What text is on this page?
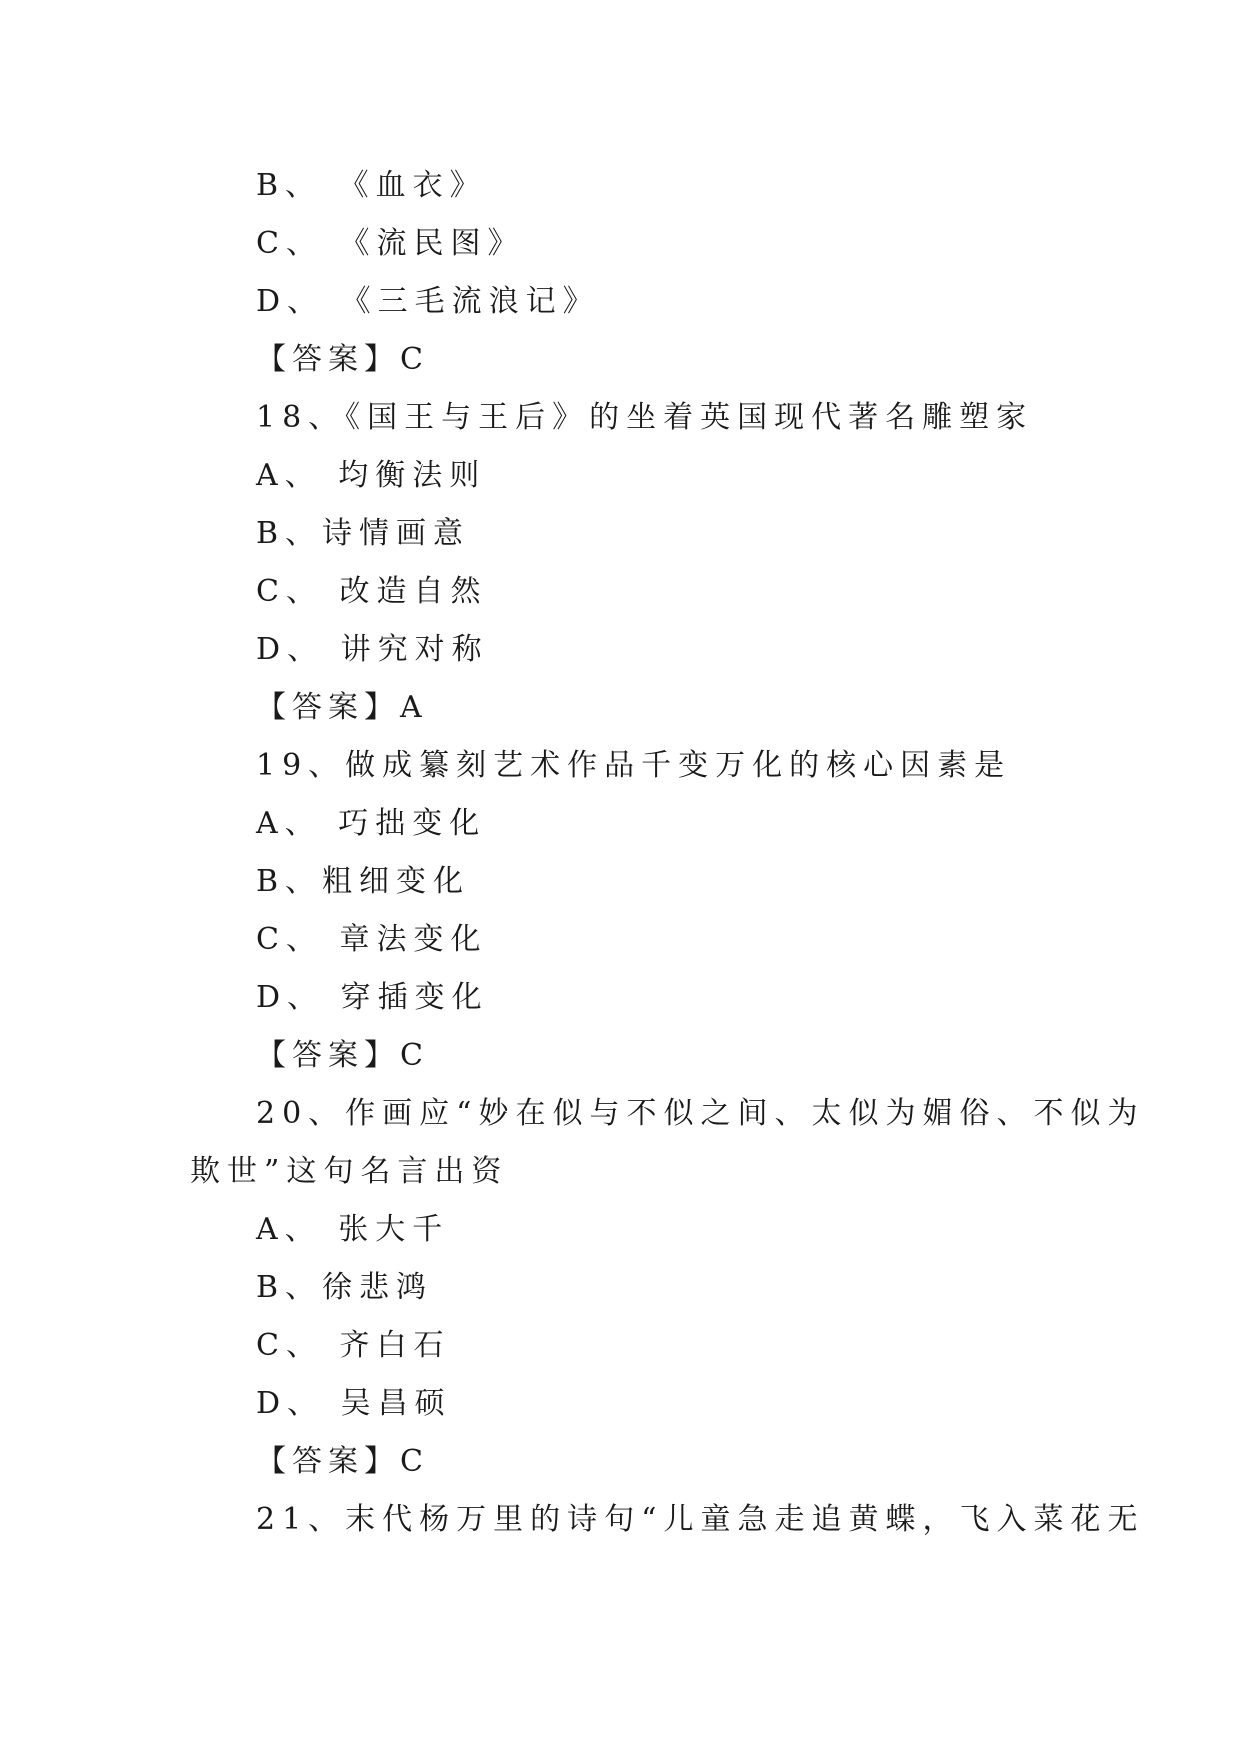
B、 《血衣》
C、 《流民图》
D、 《三毛流浪记》
【答案】C
18、《国王与王后》的坐着英国现代著名雕塑家
A、 均衡法则
B、诗情画意
C、 改造自然
D、 讲究对称
【答案】A
19、做成纂刻艺术作品千变万化的核心因素是
A、 巧拙变化
B、粗细变化
C、 章法变化
D、 穿插变化
【答案】C
20、作画应“妙在似与不似之间、太似为媚俗、不似为
欺世”这句名言出资
A、 张大千
B、徐悲鸿
C、 齐白石
D、 吴昌硕
【答案】C
21、末代杨万里的诗句“儿童急走追黄蝶，飞入菜花无
